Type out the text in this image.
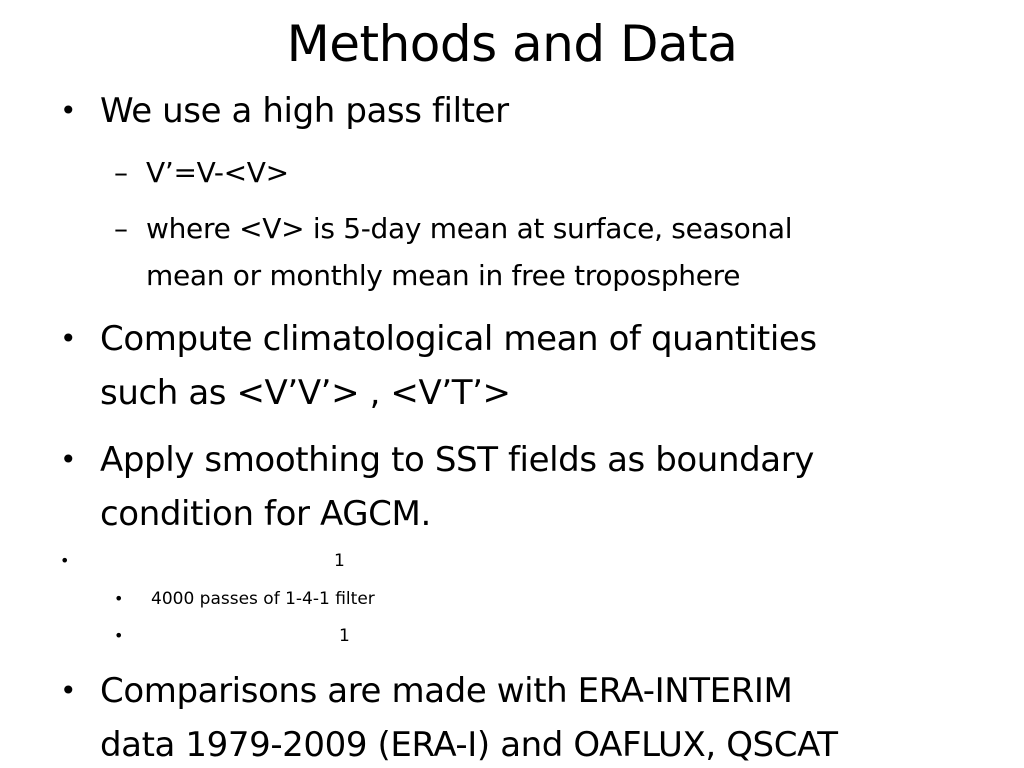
Methods and Data
• We use a high pass filter
– V’=V-<V>
– where <V> is 5-day mean at surface, seasonal
mean or monthly mean in free troposphere
• Compute climatological mean of quantities
such as <V’V’> , <V’T’>
• Apply smoothing to SST fields as boundary
condition for AGCM.
•	1
• 4000 passes of 1-4-1 filter
•	1
• Comparisons are made with ERA-INTERIM
data 1979-2009 (ERA-I) and OAFLUX, QSCAT
